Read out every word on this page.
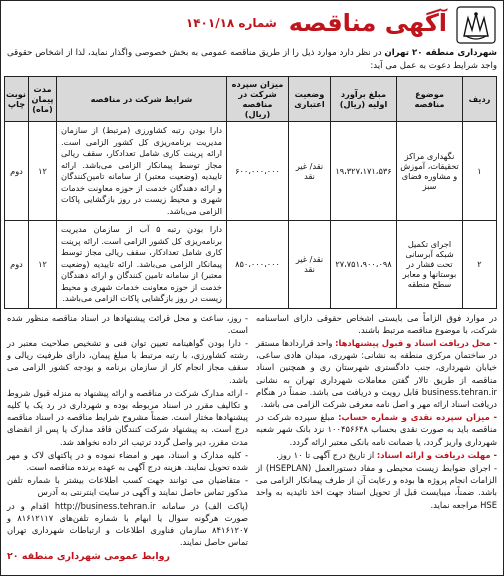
آگهی مناقصه
شماره ۱۴۰۱/۱۸
شهرداری منطقه ۲۰ تهران در نظر دارد موارد ذیل را از طریق مناقصه عمومی به بخش خصوصی واگذار نماید، لذا از اشخاص حقوقی واجد شرایط دعوت به عمل می آید:
ردیف	موضوع مناقصه	مبلغ برآورد اولیه (ریال)	وضعیت اعتباری	میزان سپرده شرکت در مناقصه (ریال)	شرایط شرکت در مناقصه	مدت پیمان (ماه)	نوبت چاپ
۱	نگهداری مراکز تحقیقات، آموزش و مشاوره فضای سبز	۱۹،۳۲۷،۱۷۱،۵۳۶	نقد/ غیر نقد	۶۰۰،۰۰۰،۰۰۰	دارا بودن رتبه کشاورزی (مرتبط) از سازمان مدیریت برنامه‌ریزی کل کشور الزامی است. ارائه پرینت کاری شامل تعدادکار، سقف ریالی مجاز توسط پیمانکار الزامی می‌باشد. ارائه تاییدیه (وضعیت معتبر) از سامانه تامین‌کنندگان و ارائه دهندگان خدمت از حوزه معاونت خدمات شهری و محیط زیست در روز بازگشایی پاکات الزامی می‌باشد.	۱۲	دوم
۲	اجرای تکمیل شبکه آبرسانی تحت فشار در بوستانها و معابر سطح منطقه	۲۷،۷۵۱،۹۰۰،۰۹۸	نقد/ غیر نقد	۸۵۰،۰۰۰،۰۰۰	دارا بودن رتبه ۵ آب از سازمان مدیریت برنامه‌ریزی کل کشور الزامی است. ارائه پرینت کاری شامل تعدادکار، سقف ریالی مجاز توسط پیمانکار الزامی می‌باشد. ارائه تاییدیه (وضعیت معتبر) از سامانه تامین کنندگان و ارائه دهندگان خدمت از حوزه معاونت خدمات شهری و محیط زیست در روز بازگشایی پاکات الزامی می‌باشد.	۱۲	دوم

در موارد فوق الزاماً می بایستی اشخاص حقوقی دارای اساسنامه شرکت، با موضوع مناقصه مرتبط باشند.

- محل دریافت اسناد و قبول پیشنهادها: واحد قراردادها مستقر در ساختمان مرکزی منطقه به نشانی: شهرری، میدان هادی ساعی، خیابان شهرداری، جنب دادگستری شهرستان ری و همچنین اسناد مناقصه از طریق تالار گفتن معاملات شهرداری تهران به نشانی business.tehran.ir قابل رویت و دریافت می باشد. ضمناً در هنگام دریافت اسناد ارائه مهر و اصل نامه معرفی شرکت الزامی می باشد.

- میزان سپرده نقدی و شماره حساب: مبلغ سپرده شرکت در مناقصه باید به صورت نقدی بحساب ۱۰۰۴۵۶۶۴۸ نزد بانک شهر شعبه شهرداری واریز گردد، یا ضمانت نامه بانکی معتبر ارائه گردد.

- مهلت دریافت و ارائه اسناد: از تاریخ درج آگهی تا ۱۰ روز.

- اجرای ضوابط زیست محیطی و مفاد دستورالعمل (HSEPLAN) از الزامات انجام پروژه ها بوده و رعایت آن از طرف پیمانکار الزامی می باشد. ضمناً، میبایست قبل از تحویل اسناد جهت اخذ تائیدیه به واحد HSE مراجعه نماید.

- روز، ساعت و محل قرائت پیشنهادها در اسناد مناقصه منظور شده است.

- دارا بودن گواهینامه تعیین توان فنی و تشخیص صلاحیت معتبر در رشته کشاورزی، با رتبه مرتبط با مبلغ پیمان، دارای ظرفیت ریالی و سقف مجاز انجام کار از سازمان برنامه و بودجه کشور الزامی می باشد.

- ارائه مدارک شرکت در مناقصه و ارائه پیشنهاد به منزله قبول شروط و تکالیف مقرر در اسناد مربوطه بوده و شهرداری در رد یک یا کلیه پیشنهادها مختار است. ضمناً مشروح شرایط مناقصه در اسناد مناقصه درج است. به پیشنهاد شرکت کنندگان فاقد مدارک یا پس از انقضای مدت مقرر، دیر واصل گردد ترتیب اثر داده نخواهد شد.

- کلیه مدارک و اسناد، مهر و امضاء نموده و در پاکتهای لاک و مهر شده تحویل نمایند. هزینه درج آگهی به عهده برنده مناقصه است.

- متقاضیان می توانند جهت کسب اطلاعات بیشتر با شماره تلفن مذکور تماس حاصل نمایند و آگهی در سایت اینترنتی به آدرس

(پاکت الف) در سامانه http://business.tehran.ir اقدام و در صورت هرگونه سوال یا ابهام با شماره تلفن‌های ۸۱۶۱۲۱۱۷ و ۸۴۱۶۱۲۰۷ سازمان فناوری اطلاعات و ارتباطات شهرداری تهران تماس حاصل نمایند.

روابط عمومی شهرداری منطقه ۲۰
